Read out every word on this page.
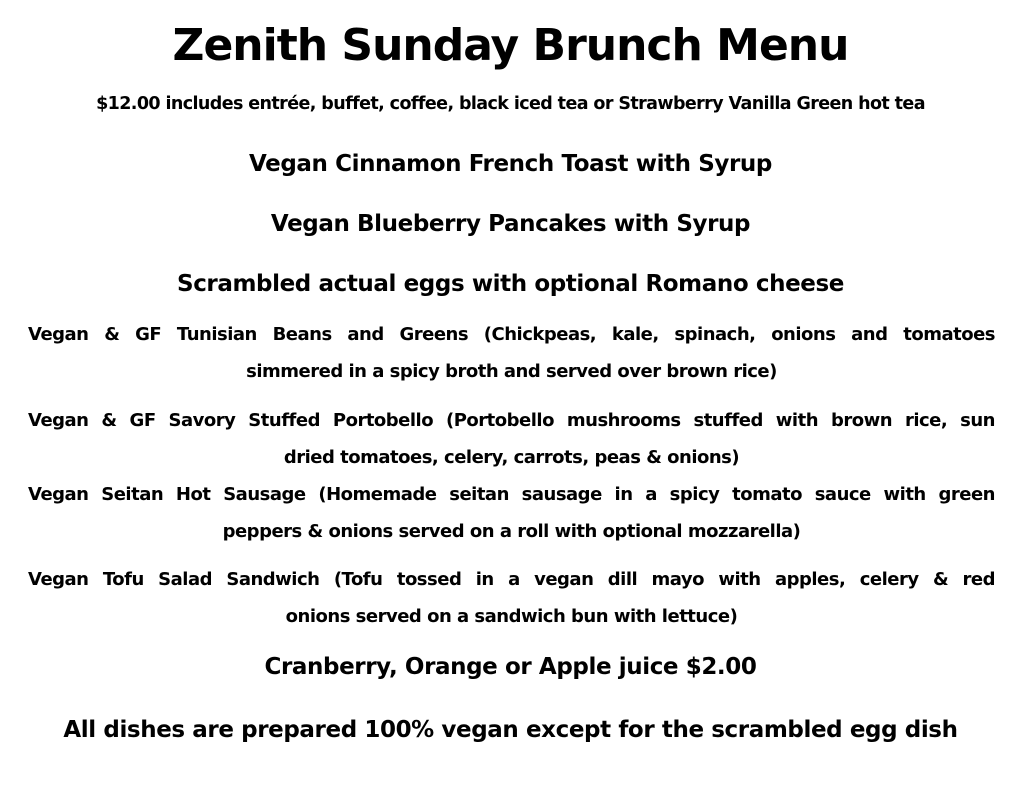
Zenith Sunday Brunch Menu
$12.00 includes entrée, buffet, coffee, black iced tea or Strawberry Vanilla Green hot tea
Vegan Cinnamon French Toast with Syrup
Vegan Blueberry Pancakes with Syrup
Scrambled actual eggs with optional Romano cheese
Vegan & GF Tunisian Beans and Greens (Chickpeas, kale, spinach, onions and tomatoes
simmered in a spicy broth and served over brown rice)
Vegan & GF Savory Stuffed Portobello (Portobello mushrooms stuffed with brown rice, sun
dried tomatoes, celery, carrots, peas & onions)
Vegan Seitan Hot Sausage (Homemade seitan sausage in a spicy tomato sauce with green
peppers & onions served on a roll with optional mozzarella)
Vegan Tofu Salad Sandwich (Tofu tossed in a vegan dill mayo with apples, celery & red
onions served on a sandwich bun with lettuce)
Cranberry, Orange or Apple juice $2.00
All dishes are prepared 100% vegan except for the scrambled egg dish
